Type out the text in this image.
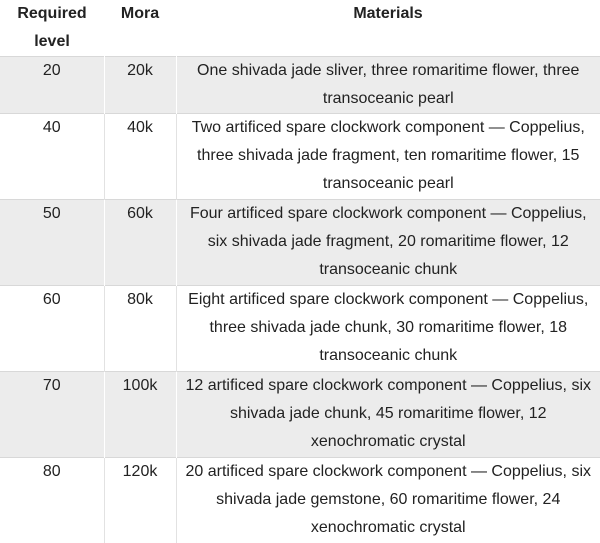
Required level	Mora	Materials
20	20k	One shivada jade sliver, three romaritime flower, three transoceanic pearl
40	40k	Two artificed spare clockwork component — Coppelius, three shivada jade fragment, ten romaritime flower, 15 transoceanic pearl
50	60k	Four artificed spare clockwork component — Coppelius, six shivada jade fragment, 20 romaritime flower, 12 transoceanic chunk
60	80k	Eight artificed spare clockwork component — Coppelius, three shivada jade chunk, 30 romaritime flower, 18 transoceanic chunk
70	100k	12 artificed spare clockwork component — Coppelius, six shivada jade chunk, 45 romaritime flower, 12 xenochromatic crystal
80	120k	20 artificed spare clockwork component — Coppelius, six shivada jade gemstone, 60 romaritime flower, 24 xenochromatic crystal
